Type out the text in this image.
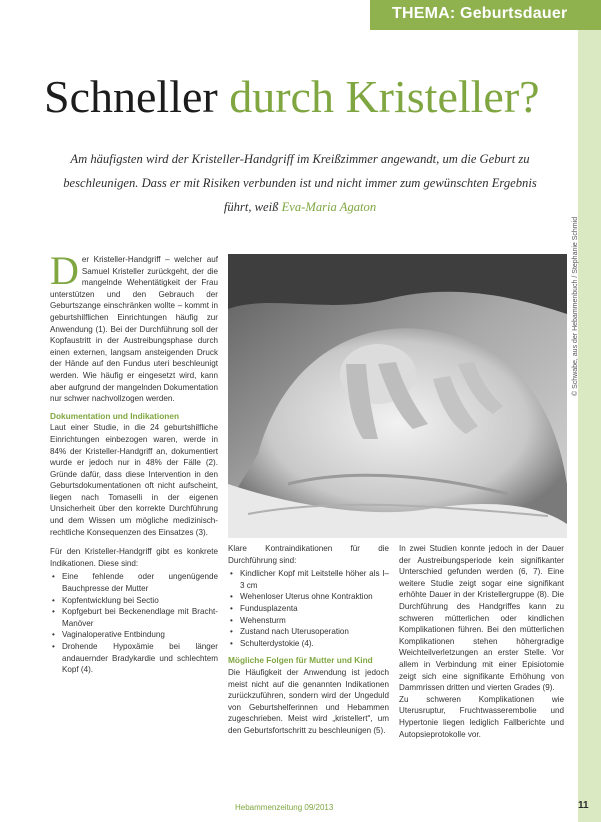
THEMA: Geburtsdauer
Schneller durch Kristeller?
Am häufigsten wird der Kristeller-Handgriff im Kreißzimmer angewandt, um die Geburt zu beschleunigen. Dass er mit Risiken verbunden ist und nicht immer zum gewünschten Ergebnis führt, weiß Eva-Maria Agaton

Der Kristeller-Handgriff – welcher auf Samuel Kristeller zurückgeht, der die mangelnde Wehentätigkeit der Frau unterstützen und den Gebrauch der Geburtszange einschränken wollte – kommt in geburtshilflichen Einrichtungen häufig zur Anwendung (1). Bei der Durchführung soll der Kopfaustritt in der Austreibungsphase durch einen externen, langsam ansteigenden Druck der Hände auf den Fundus uteri beschleunigt werden. Wie häufig er eingesetzt wird, kann aber aufgrund der mangelnden Dokumentation nur schwer nachvollzogen werden.

Dokumentation und Indikationen

Laut einer Studie, in die 24 geburtshilfliche Einrichtungen einbezogen waren, werde in 84% der Kristeller-Handgriff an, dokumentiert wurde er jedoch nur in 48% der Fälle (2). Gründe dafür, dass diese Intervention in den Geburtsdokumentationen oft nicht aufscheint, liegen nach Tomaselli in der eigenen Unsicherheit über den korrekte Durchführung und dem Wissen um mögliche medizinisch-rechtliche Konsequenzen des Einsatzes (3).

Für den Kristeller-Handgriff gibt es konkrete Indikationen. Diese sind:

• Eine fehlende oder ungenügende Bauchpresse der Mutter
• Kopfentwicklung bei Sectio
• Kopfgeburt bei Beckenendlage mit Bracht-Manöver
• Vaginaloperative Entbindung
• Drohende Hypoxämie bei länger andauernder Bradykardie und schlechtem Kopf (4).
© Schwabe, aus der Hebammenbuch / Stephanie Schmid

Klare Kontraindikationen für die Durchführung sind:

• Kindlicher Kopf mit Leitstelle höher als I–3 cm
• Wehenloser Uterus ohne Kontraktion
• Fundusplazenta
• Wehensturm
• Zustand nach Uterusoperation
• Schulterdystokie (4).
Mögliche Folgen für Mutter und Kind

Die Häufigkeit der Anwendung ist jedoch meist nicht auf die genannten Indikationen zurückzuführen, sondern wird der Ungeduld von Geburtshelferinnen und Hebammen zugeschrieben. Meist wird „kristellert", um den Geburtsfortschritt zu beschleunigen (5).

In zwei Studien konnte jedoch in der Dauer der Austreibungsperiode kein signifikanter Unterschied gefunden werden (6, 7). Eine weitere Studie zeigt sogar eine signifikant erhöhte Dauer in der Kristellergruppe (8). Die Durchführung des Handgriffes kann zu schweren mütterlichen oder kindlichen Komplikationen führen. Bei den mütterlichen Komplikationen stehen höhergradige Weichteilverletzungen an erster Stelle. Vor allem in Verbindung mit einer Episiotomie zeigt sich eine signifikante Erhöhung von Dammrissen dritten und vierten Grades (9).

Zu schweren Komplikationen wie Uterusruptur, Fruchtwasserembolie und Hypertonie liegen lediglich Fallberichte und Autopsieprotokolle vor.

Hebammenzeitung 09/2013	11
